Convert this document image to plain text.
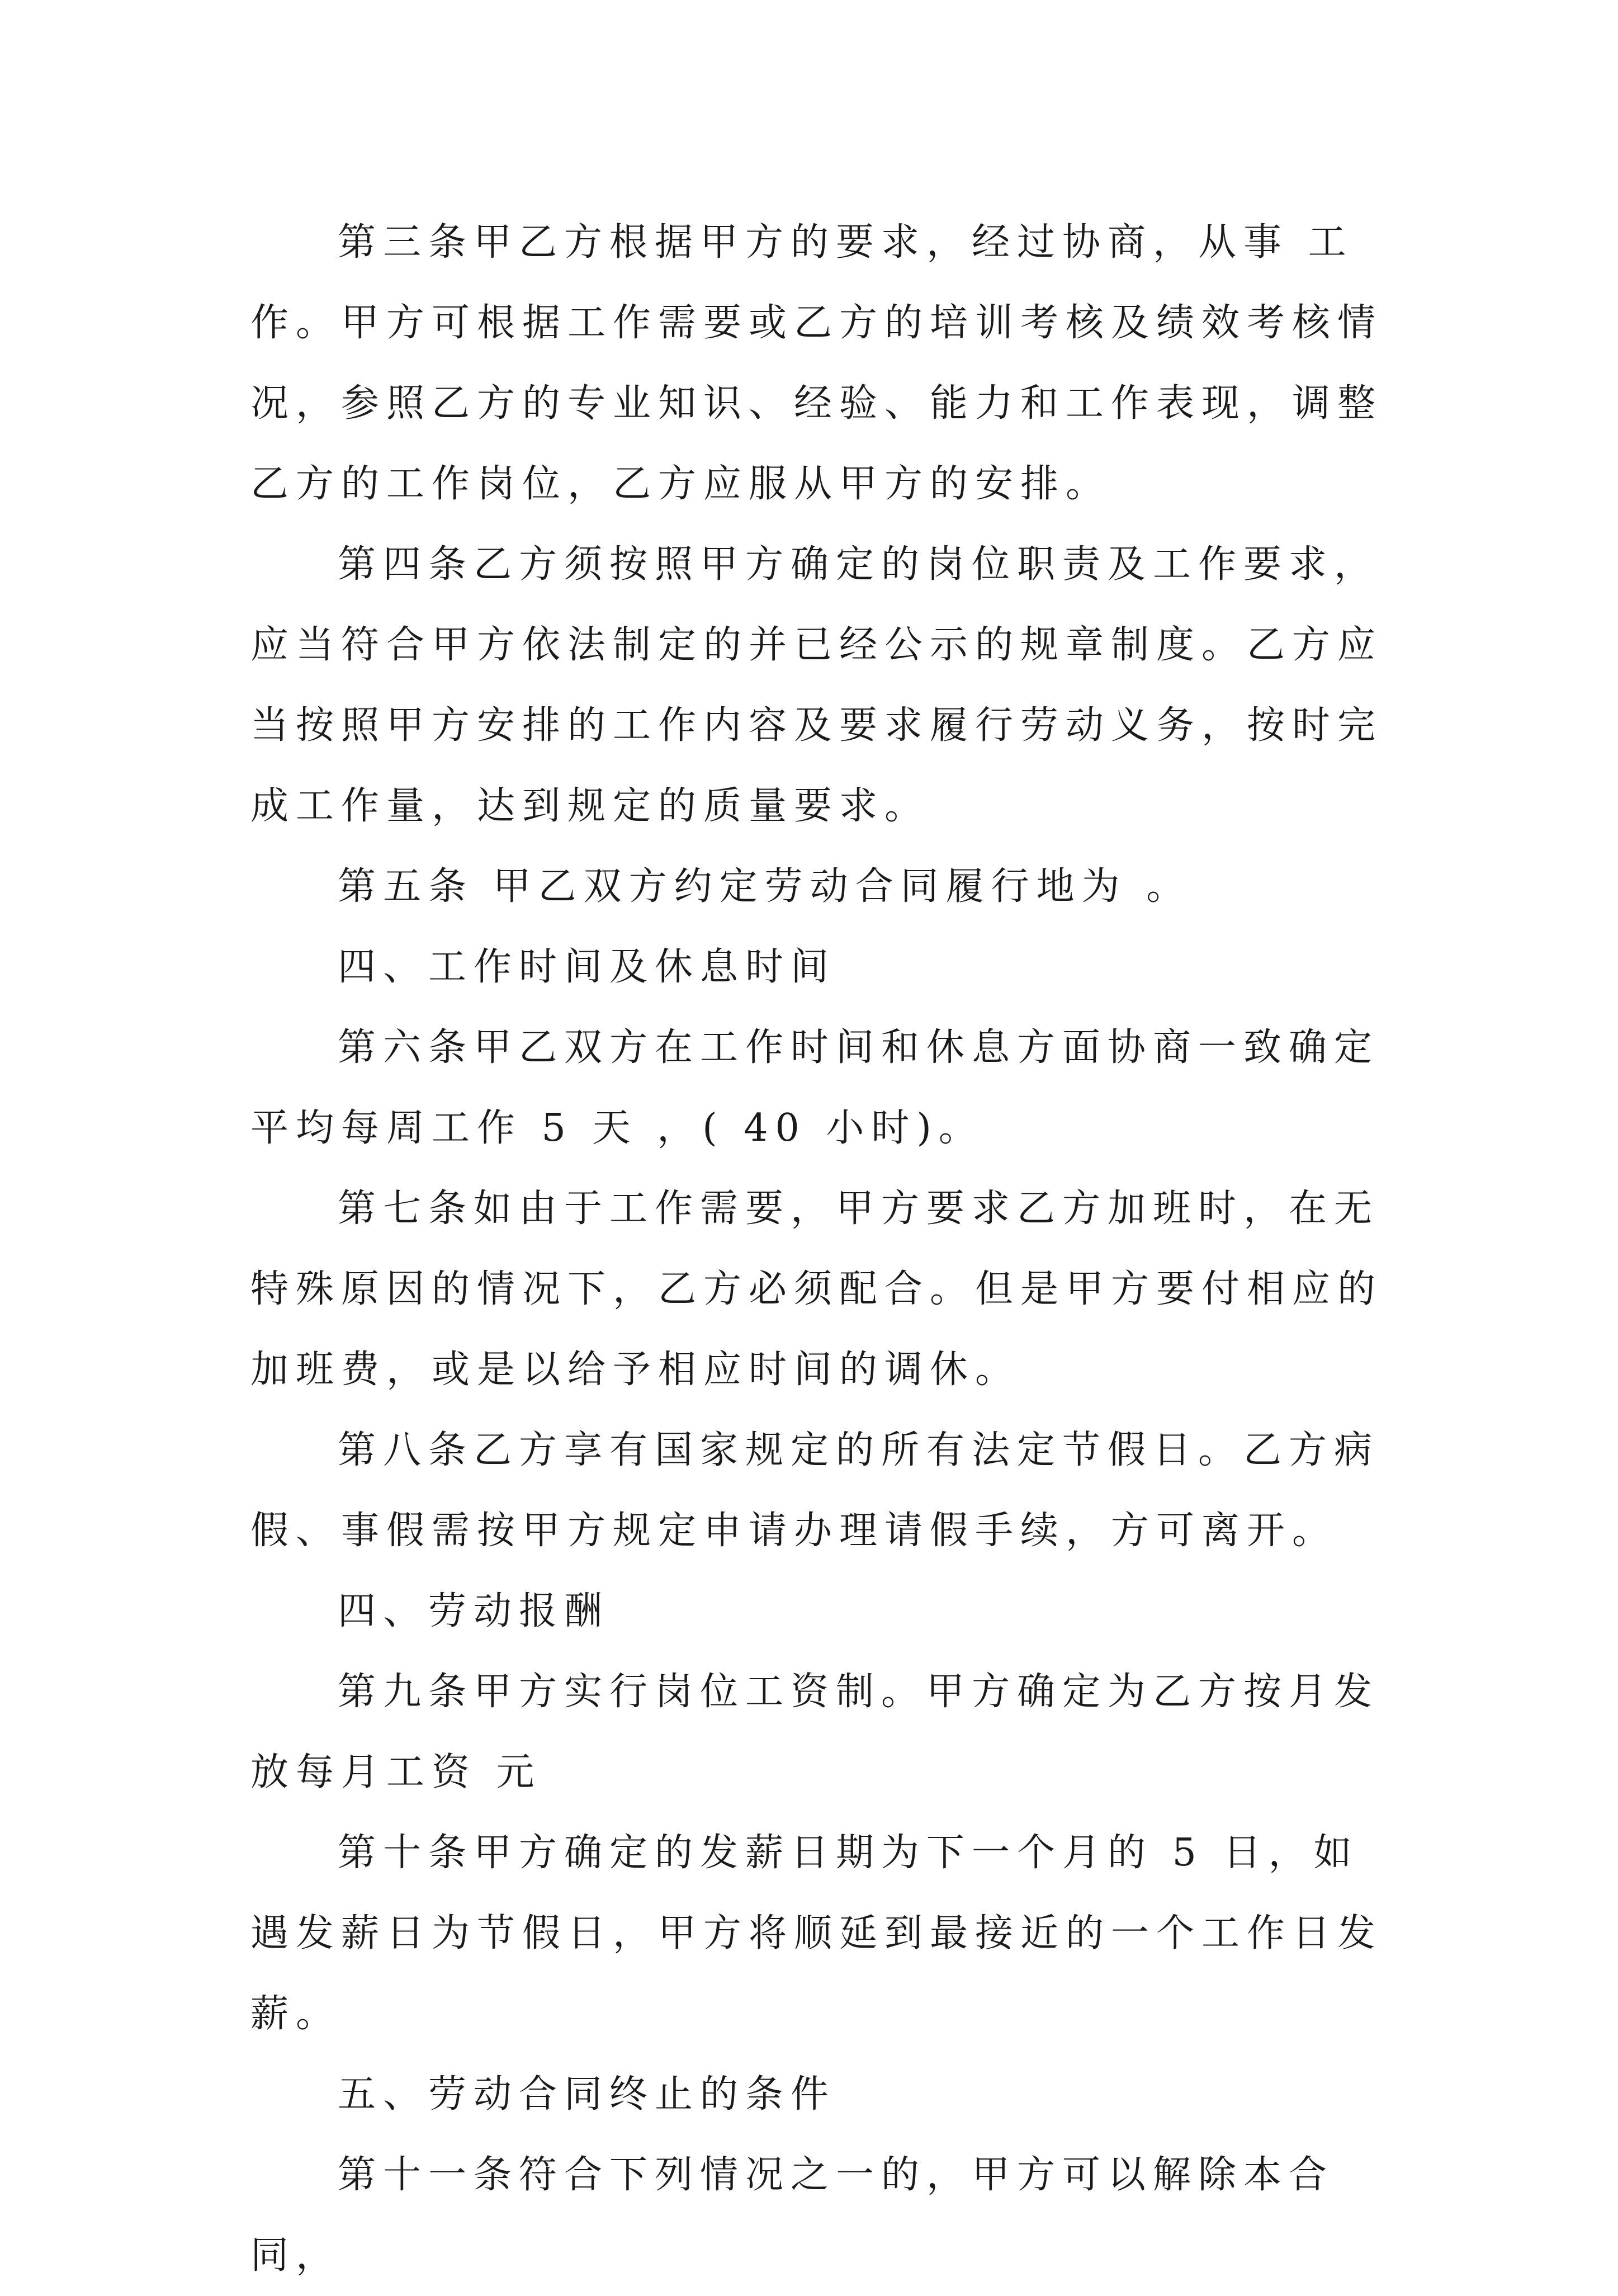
第三条甲乙方根据甲方的要求，经过协商，从事 工作。甲方可根据工作需要或乙方的培训考核及绩效考核情况，参照乙方的专业知识、经验、能力和工作表现，调整乙方的工作岗位，乙方应服从甲方的安排。

第四条乙方须按照甲方确定的岗位职责及工作要求，应当符合甲方依法制定的并已经公示的规章制度。乙方应当按照甲方安排的工作内容及要求履行劳动义务，按时完成工作量，达到规定的质量要求。

第五条 甲乙双方约定劳动合同履行地为 。

四、工作时间及休息时间

第六条甲乙双方在工作时间和休息方面协商一致确定平均每周工作 5 天 ，( 40 小时)。

第七条如由于工作需要，甲方要求乙方加班时，在无特殊原因的情况下，乙方必须配合。但是甲方要付相应的加班费，或是以给予相应时间的调休。

第八条乙方享有国家规定的所有法定节假日。乙方病假、事假需按甲方规定申请办理请假手续，方可离开。

四、劳动报酬

第九条甲方实行岗位工资制。甲方确定为乙方按月发放每月工资 元

第十条甲方确定的发薪日期为下一个月的 5 日，如遇发薪日为节假日，甲方将顺延到最接近的一个工作日发薪。

五、劳动合同终止的条件

第十一条符合下列情况之一的，甲方可以解除本合同，
